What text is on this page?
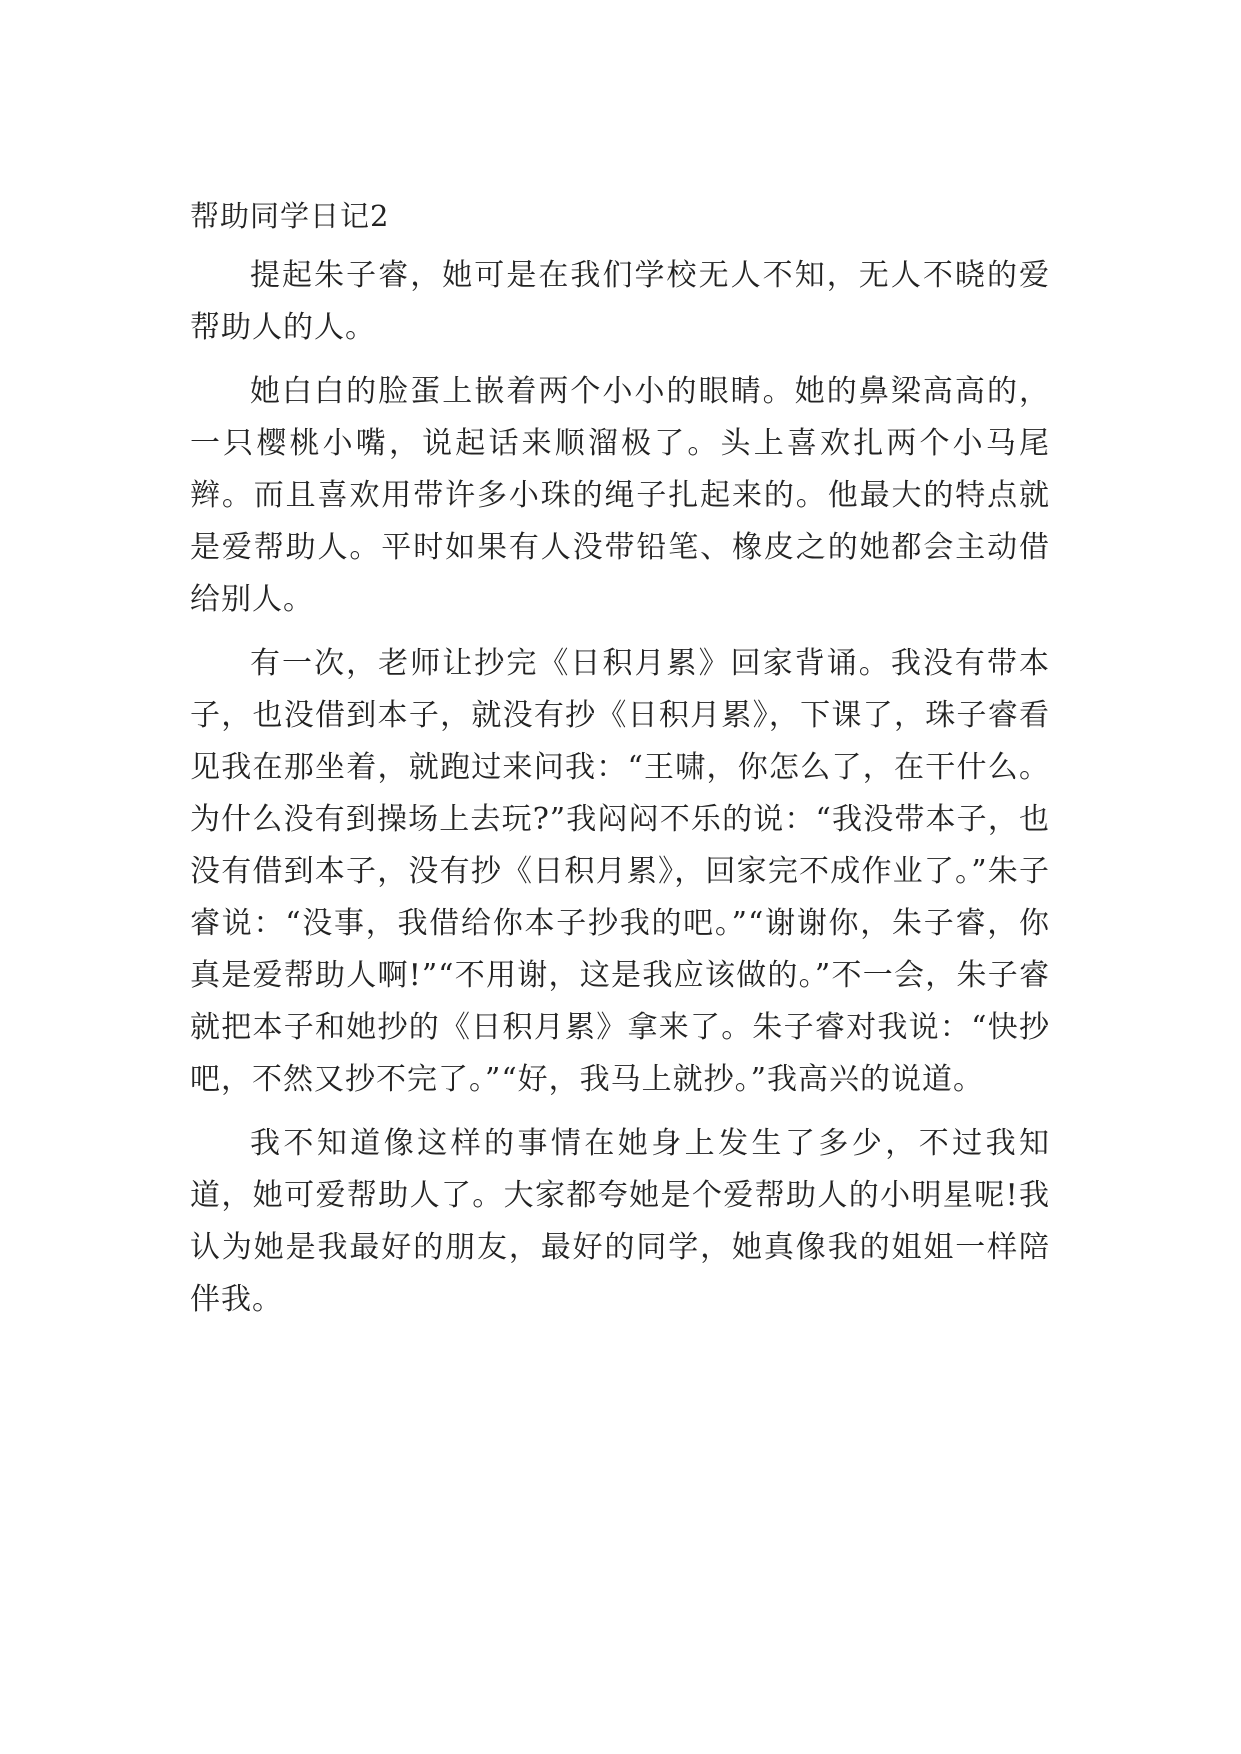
帮助同学日记2

提起朱子睿，她可是在我们学校无人不知，无人不晓的爱帮助人的人。

她白白的脸蛋上嵌着两个小小的眼睛。她的鼻梁高高的，一只樱桃小嘴，说起话来顺溜极了。头上喜欢扎两个小马尾辫。而且喜欢用带许多小珠的绳子扎起来的。他最大的特点就是爱帮助人。平时如果有人没带铅笔、橡皮之的她都会主动借给别人。

有一次，老师让抄完《日积月累》回家背诵。我没有带本子，也没借到本子，就没有抄《日积月累》，下课了，珠子睿看见我在那坐着，就跑过来问我：“王啸，你怎么了，在干什么。为什么没有到操场上去玩?”我闷闷不乐的说：“我没带本子，也没有借到本子，没有抄《日积月累》，回家完不成作业了。”朱子睿说：“没事，我借给你本子抄我的吧。”“谢谢你，朱子睿，你真是爱帮助人啊!”“不用谢，这是我应该做的。”不一会，朱子睿就把本子和她抄的《日积月累》拿来了。朱子睿对我说：“快抄吧，不然又抄不完了。”“好，我马上就抄。”我高兴的说道。

我不知道像这样的事情在她身上发生了多少，不过我知道，她可爱帮助人了。大家都夸她是个爱帮助人的小明星呢!我认为她是我最好的朋友，最好的同学，她真像我的姐姐一样陪伴我。
